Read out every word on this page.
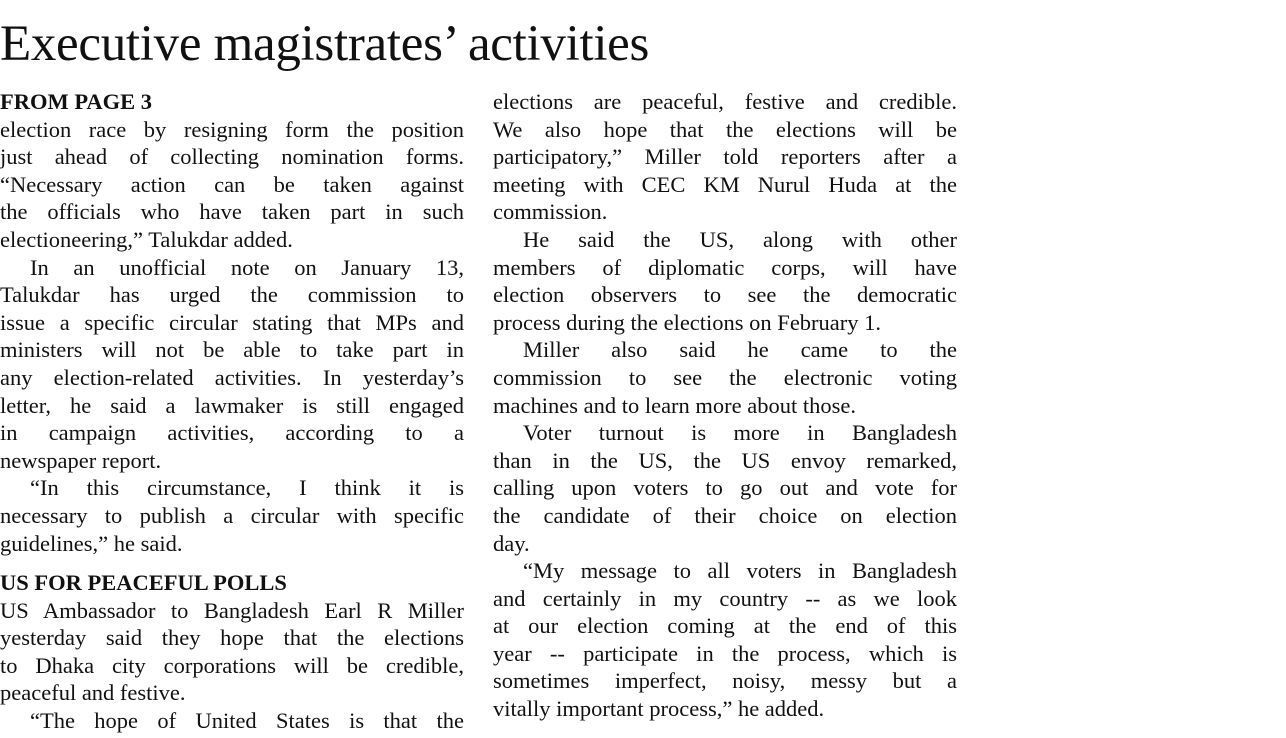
Executive magistrates’ activities
FROM PAGE 3
election race by resigning form the position
just ahead of collecting nomination forms.
“Necessary action can be taken against
the officials who have taken part in such
electioneering,” Talukdar added.
In an unofficial note on January 13,
Talukdar has urged the commission to
issue a specific circular stating that MPs and
ministers will not be able to take part in
any election-related activities. In yesterday’s
letter, he said a lawmaker is still engaged
in campaign activities, according to a
newspaper report.
“In this circumstance, I think it is
necessary to publish a circular with specific
guidelines,” he said.
US FOR PEACEFUL POLLS
US Ambassador to Bangladesh Earl R Miller
yesterday said they hope that the elections
to Dhaka city corporations will be credible,
peaceful and festive.
“The hope of United States is that the
elections are peaceful, festive and credible.
We also hope that the elections will be
participatory,” Miller told reporters after a
meeting with CEC KM Nurul Huda at the
commission.
He said the US, along with other
members of diplomatic corps, will have
election observers to see the democratic
process during the elections on February 1.
Miller also said he came to the
commission to see the electronic voting
machines and to learn more about those.
Voter turnout is more in Bangladesh
than in the US, the US envoy remarked,
calling upon voters to go out and vote for
the candidate of their choice on election
day.
“My message to all voters in Bangladesh
and certainly in my country -- as we look
at our election coming at the end of this
year -- participate in the process, which is
sometimes imperfect, noisy, messy but a
vitally important process,” he added.
